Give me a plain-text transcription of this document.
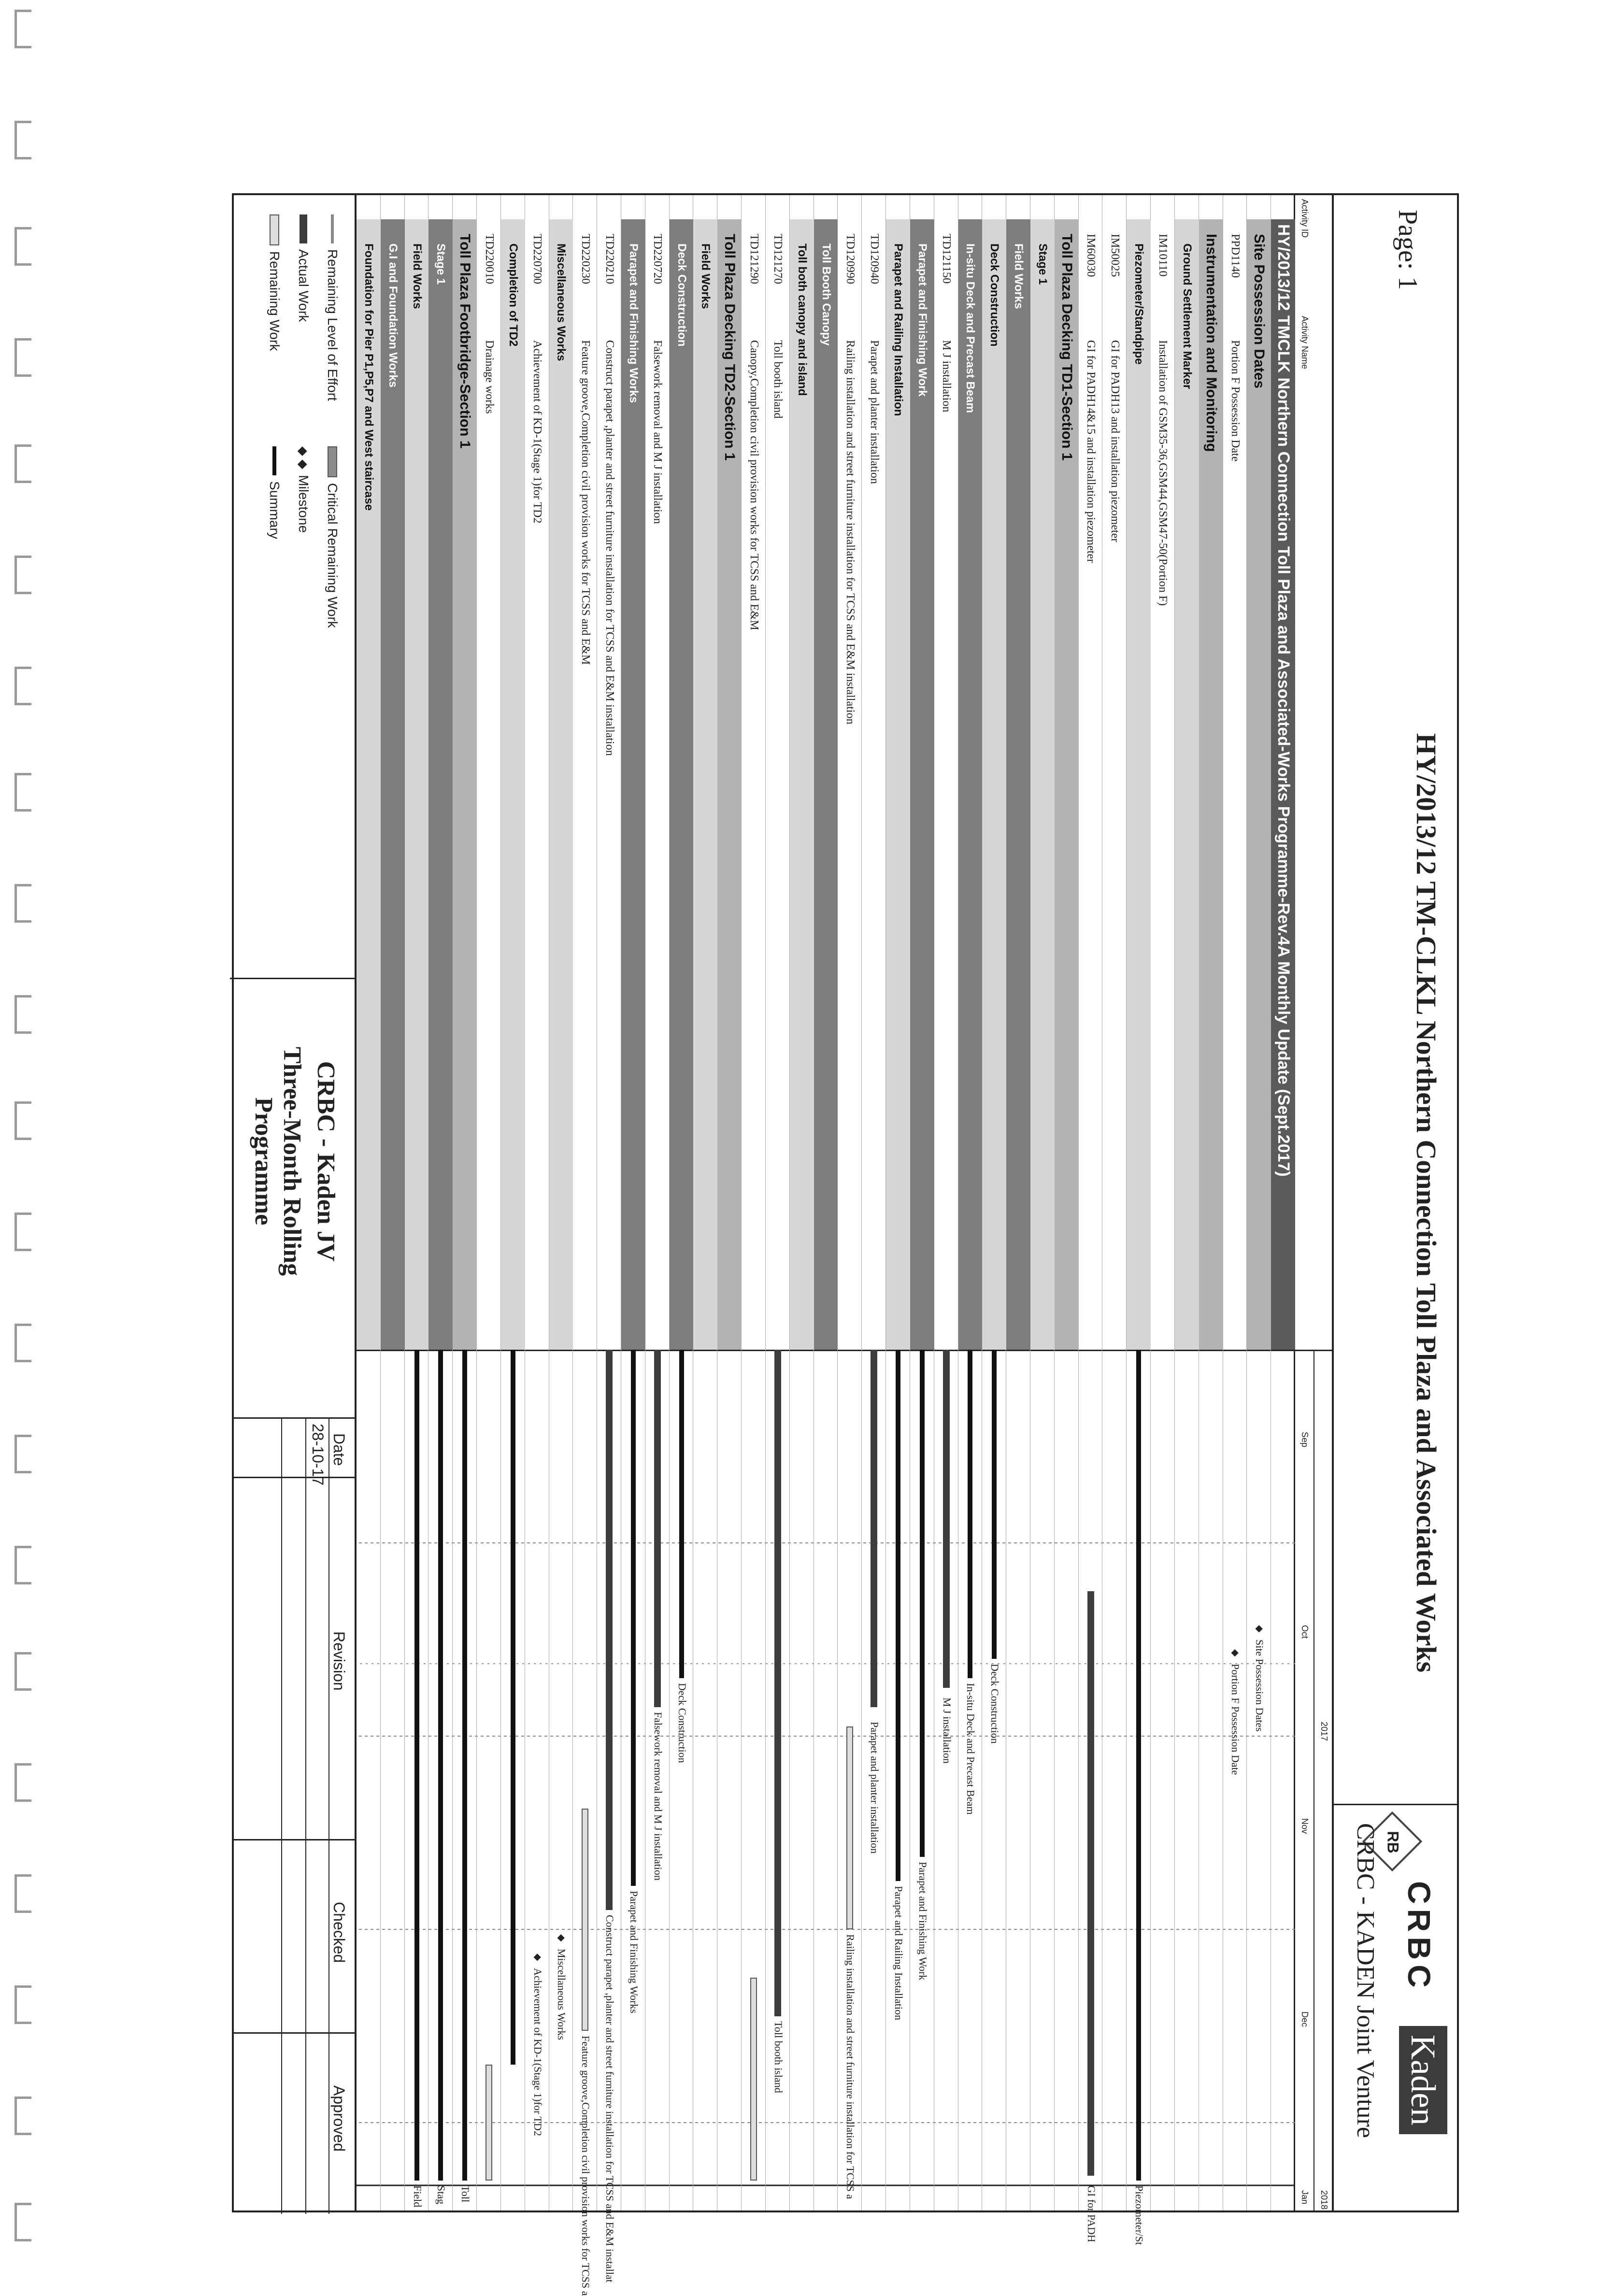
Page: 1
HY/2013/12 TM-CLKL Northern Connection Toll Plaza and Associated Works
RB
CRBC
Kaden
CRBC - KADEN Joint Venture
Activity ID
Activity Name
2017
2018
Sep
Oct
Nov
Dec
Jan
HY/2013/12 TMCLK Northern Connection Toll Plaza and Associated-Works Programme-Rev.4A Monthly Update (Sept.2017)
Site Possession Dates
PPD1140
Portion F Possession Date
Instrumentation and Monitoring
Ground Settlement Marker
IM10110
Installation of GSM35-36,GSM44,GSM47-50(Portion F)
Piezometer/Standpipe
IM50025
GI for PADH13 and installation piezometer
IM60030
GI for PADH14&15 and installation piezometer
Toll Plaza Decking TD1-Section 1
Stage 1
Field Works
Deck Construction
In-situ Deck and Precast Beam
TD121150
M J installation
Parapet and Finishing Work
Parapet and Railing Installation
TD120940
Parapet and planter installation
TD120990
Railing installation and street furniture installation for TCSS and E&M installation
Toll Booth Canopy
Toll both canopy and island
TD121270
Toll booth island
TD121290
Canopy,Completion civil provision works for TCSS and E&M
Toll Plaza Decking TD2-Section 1
Field Works
Deck Construction
TD220720
Falsework removal and M J installation
Parapet and Finishing Works
TD220210
Construct parapet ,planter and street furniture installation for TCSS and E&M installation
TD220230
Feature groove,Completion civil provision works for TCSS and E&M
Miscellaneous Works
TD220700
Achievement of KD-1(Stage 1)for TD2
Completion of TD2
TD220010
Drainage works
Toll Plaza Footbridge-Section 1
Stage 1
Field Works
G.I and Foundation Works
Foundation for Pier P1,P5,P7 and West staircase
◆
Site Possession Dates
◆
Portion F Possession Date
Piezometer/St
GI for PADH
Deck Construction
In-situ Deck and Precast Beam
M J installation
Parapet and Finishing Work
Parapet and Railing Installation
Parapet and planter installation
Railing installation and street furniture installation for TCSS a
Toll booth island
Deck Construction
Falsework removal and M J installation
Parapet and Finishing Works
Construct parapet ,planter and street furniture installation for TCSS and E&M installat
Feature groove,Completion civil provision works for TCSS a
◆
Miscellaneous Works
◆
Achievement of KD-1(Stage 1)for TD2
Toll
Stag
Field
Remaining Level of Effort
Actual Work
Remaining Work
Critical Remaining Work
◆ ◆
Milestone
Summary
CRBC - Kaden JV
Three-Month Rolling Programme
Date
Revision
Checked
Approved
28-10-17
